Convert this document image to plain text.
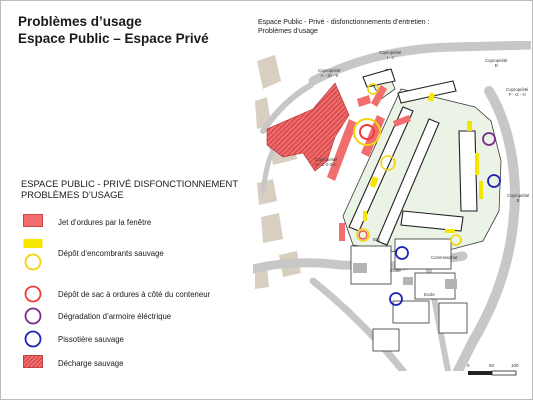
Problèmes d’usage
Espace Public – Espace Privé
ESPACE PUBLIC - PRIVÉ DISFONCTIONNEMENT
PROBLÈMES D’USAGE
Jet d’ordures par la fenêtre
Dépôt d’encombrants sauvage
Dépôt de sac à ordures à côté du conteneur
Dégradation d’armoire éléctrique
Pissotière sauvage
Décharge sauvage
Espace Public - Privé - disfonctionnements d’entretien :
Problèmes d’usage
Copropriété
I - J
Copropriété
D
Copropriété
A - 10 - 9
Copropriété
F - G - H
Copropriété
A - 1-2-3-4-
Copropriété
E
BIG
Commissariat
Ecole
Ecole
0	50	100
